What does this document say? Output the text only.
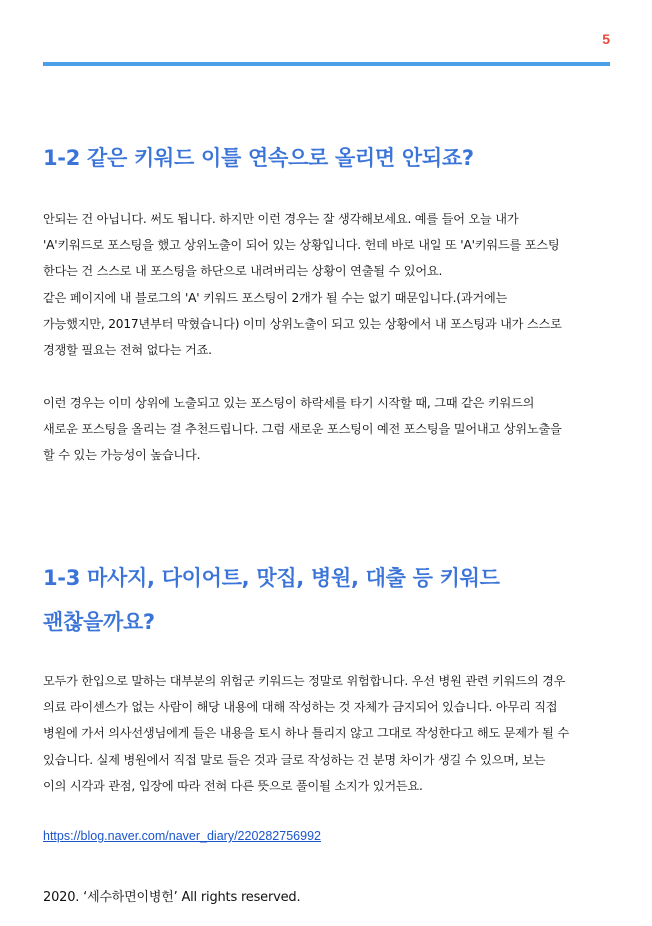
5
1-2 같은 키워드 이틀 연속으로 올리면 안되죠?

안되는 건 아닙니다. 써도 됩니다. 하지만 이런 경우는 잘 생각해보세요. 예를 들어 오늘 내가
'A'키워드로 포스팅을 했고 상위노출이 되어 있는 상황입니다. 헌데 바로 내일 또 'A'키워드를 포스팅
한다는 건 스스로 내 포스팅을 하단으로 내려버리는 상황이 연출될 수 있어요.
같은 페이지에 내 블로그의 'A' 키워드 포스팅이 2개가 될 수는 없기 때문입니다.(과거에는
가능했지만, 2017년부터 막혔습니다) 이미 상위노출이 되고 있는 상황에서 내 포스팅과 내가 스스로
경쟁할 필요는 전혀 없다는 거죠.

이런 경우는 이미 상위에 노출되고 있는 포스팅이 하락세를 타기 시작할 때, 그때 같은 키워드의
새로운 포스팅을 올리는 걸 추천드립니다. 그럼 새로운 포스팅이 예전 포스팅을 밀어내고 상위노출을
할 수 있는 가능성이 높습니다.

1-3 마사지, 다이어트, 맛집, 병원, 대출 등 키워드
괜찮을까요?

모두가 한입으로 말하는 대부분의 위험군 키워드는 정말로 위험합니다. 우선 병원 관련 키워드의 경우
의료 라이센스가 없는 사람이 해당 내용에 대해 작성하는 것 자체가 금지되어 있습니다. 아무리 직접
병원에 가서 의사선생님에게 들은 내용을 토시 하나 틀리지 않고 그대로 작성한다고 해도 문제가 될 수
있습니다. 실제 병원에서 직접 말로 들은 것과 글로 작성하는 건 분명 차이가 생길 수 있으며, 보는
이의 시각과 관점, 입장에 따라 전혀 다른 뜻으로 풀이될 소지가 있거든요.

https://blog.naver.com/naver_diary/220282756992
2020. ‘세수하면이병헌’ All rights reserved.
